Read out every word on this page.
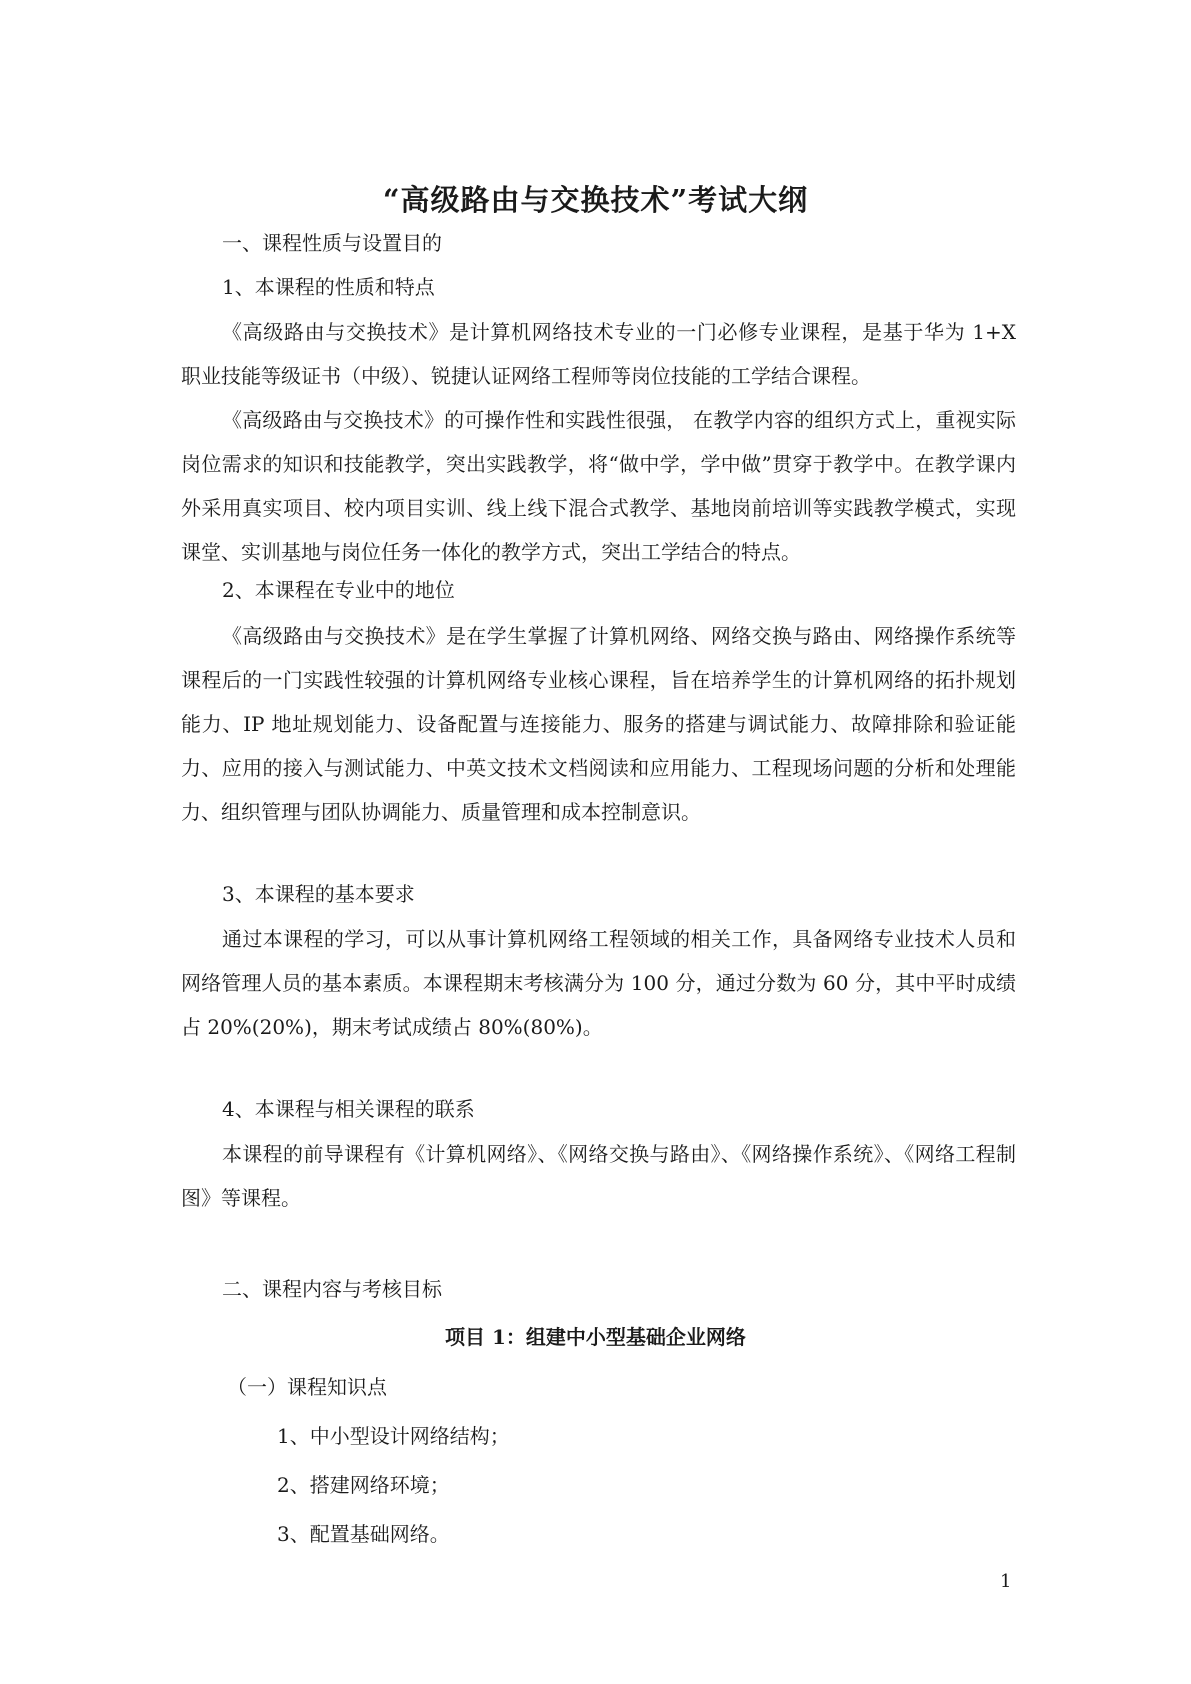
“高级路由与交换技术”考试大纲
一、课程性质与设置目的
1、本课程的性质和特点

《高级路由与交换技术》是计算机网络技术专业的一门必修专业课程，是基于华为 1+X 职业技能等级证书（中级）、锐捷认证网络工程师等岗位技能的工学结合课程。

《高级路由与交换技术》的可操作性和实践性很强， 在教学内容的组织方式上，重视实际岗位需求的知识和技能教学，突出实践教学，将“做中学，学中做”贯穿于教学中。在教学课内外采用真实项目、校内项目实训、线上线下混合式教学、基地岗前培训等实践教学模式，实现课堂、实训基地与岗位任务一体化的教学方式，突出工学结合的特点。

2、本课程在专业中的地位

《高级路由与交换技术》是在学生掌握了计算机网络、网络交换与路由、网络操作系统等课程后的一门实践性较强的计算机网络专业核心课程，旨在培养学生的计算机网络的拓扑规划能力、IP 地址规划能力、设备配置与连接能力、服务的搭建与调试能力、故障排除和验证能力、应用的接入与测试能力、中英文技术文档阅读和应用能力、工程现场问题的分析和处理能力、组织管理与团队协调能力、质量管理和成本控制意识。

3、本课程的基本要求

通过本课程的学习，可以从事计算机网络工程领域的相关工作，具备网络专业技术人员和网络管理人员的基本素质。本课程期末考核满分为 100 分，通过分数为 60 分，其中平时成绩占 20%(20%)，期末考试成绩占 80%(80%)。

4、本课程与相关课程的联系

本课程的前导课程有《计算机网络》、《网络交换与路由》、《网络操作系统》、《网络工程制图》等课程。

二、课程内容与考核目标
项目 1：组建中小型基础企业网络
（一）课程知识点
1、中小型设计网络结构；
2、搭建网络环境；
3、配置基础网络。
1
